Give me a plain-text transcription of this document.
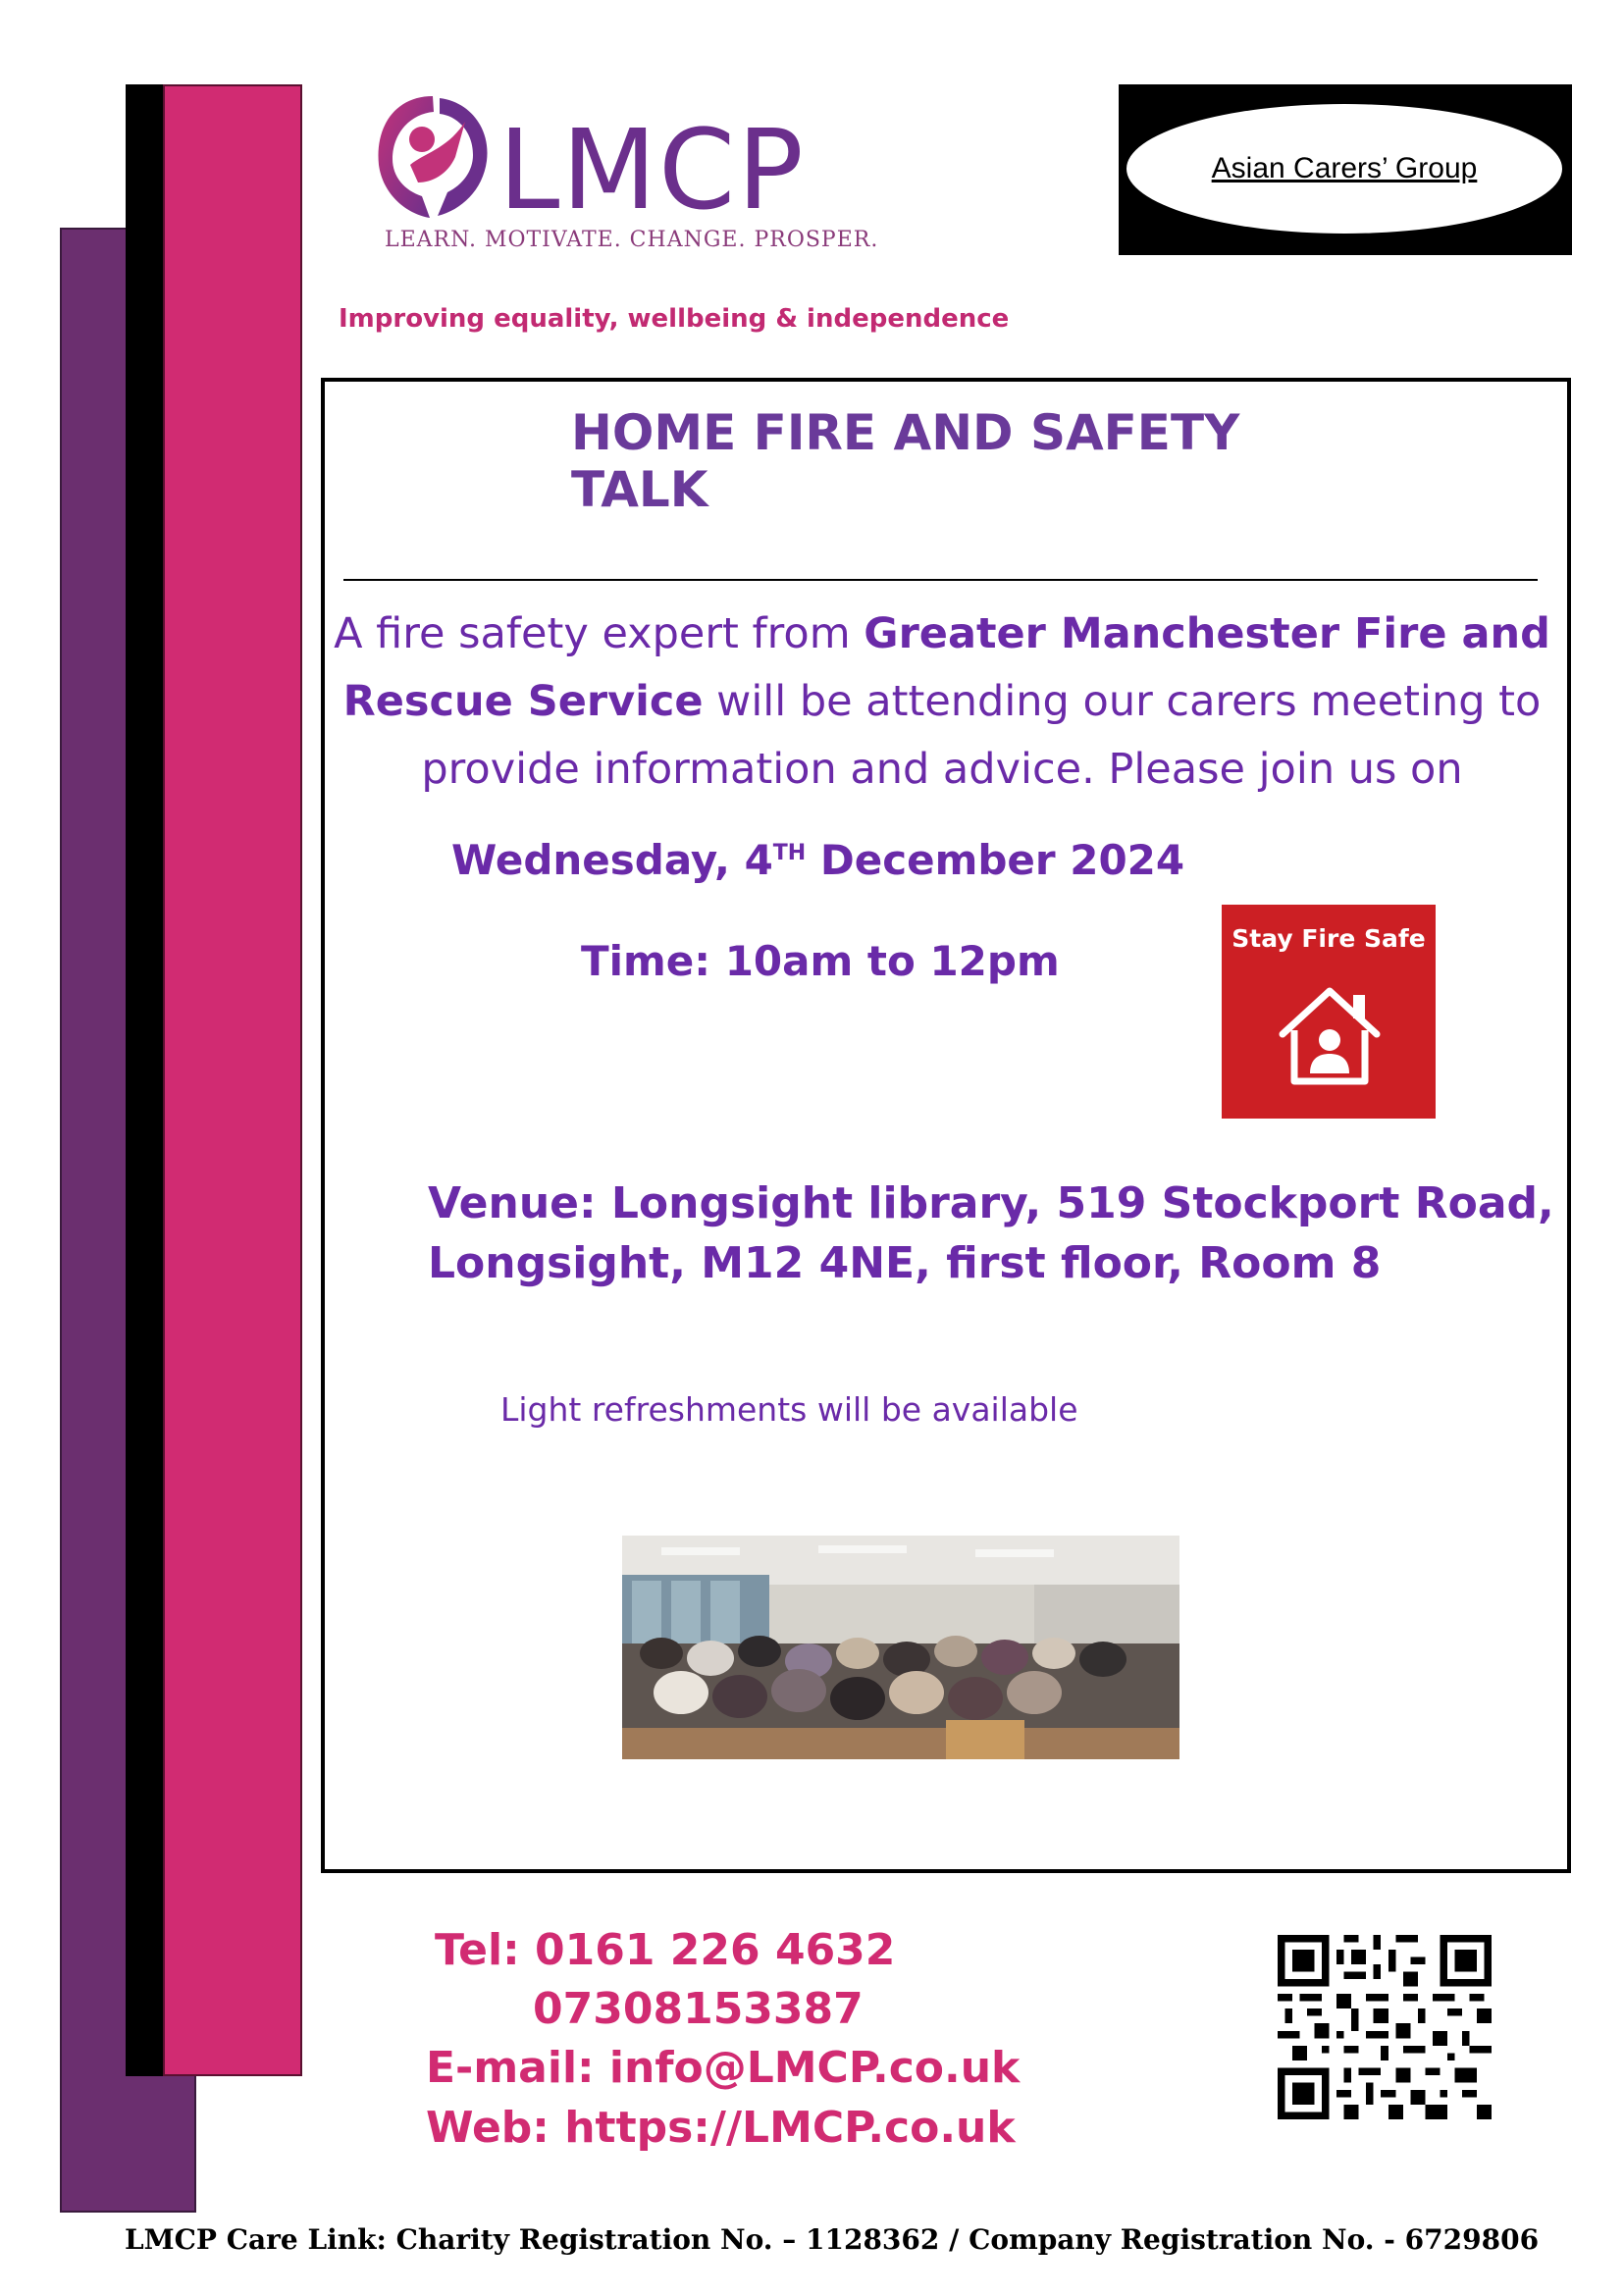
LMCP
LEARN. MOTIVATE. CHANGE. PROSPER.
Asian Carers’ Group
Improving equality, wellbeing & independence
HOME FIRE AND SAFETY TALK
A fire safety expert from Greater Manchester Fire and Rescue Service will be attending our carers meeting to provide information and advice. Please join us on
Wednesday, 4TH December 2024
Time: 10am to 12pm	Stay Fire Safe
Venue: Longsight library, 519 Stockport Road,
Longsight, M12 4NE, first floor, Room 8
Light refreshments will be available
Tel: 0161 226 4632
07308153387
E-mail: info@LMCP.co.uk
Web: https://LMCP.co.uk
LMCP Care Link: Charity Registration No. – 1128362 / Company Registration No. - 6729806
